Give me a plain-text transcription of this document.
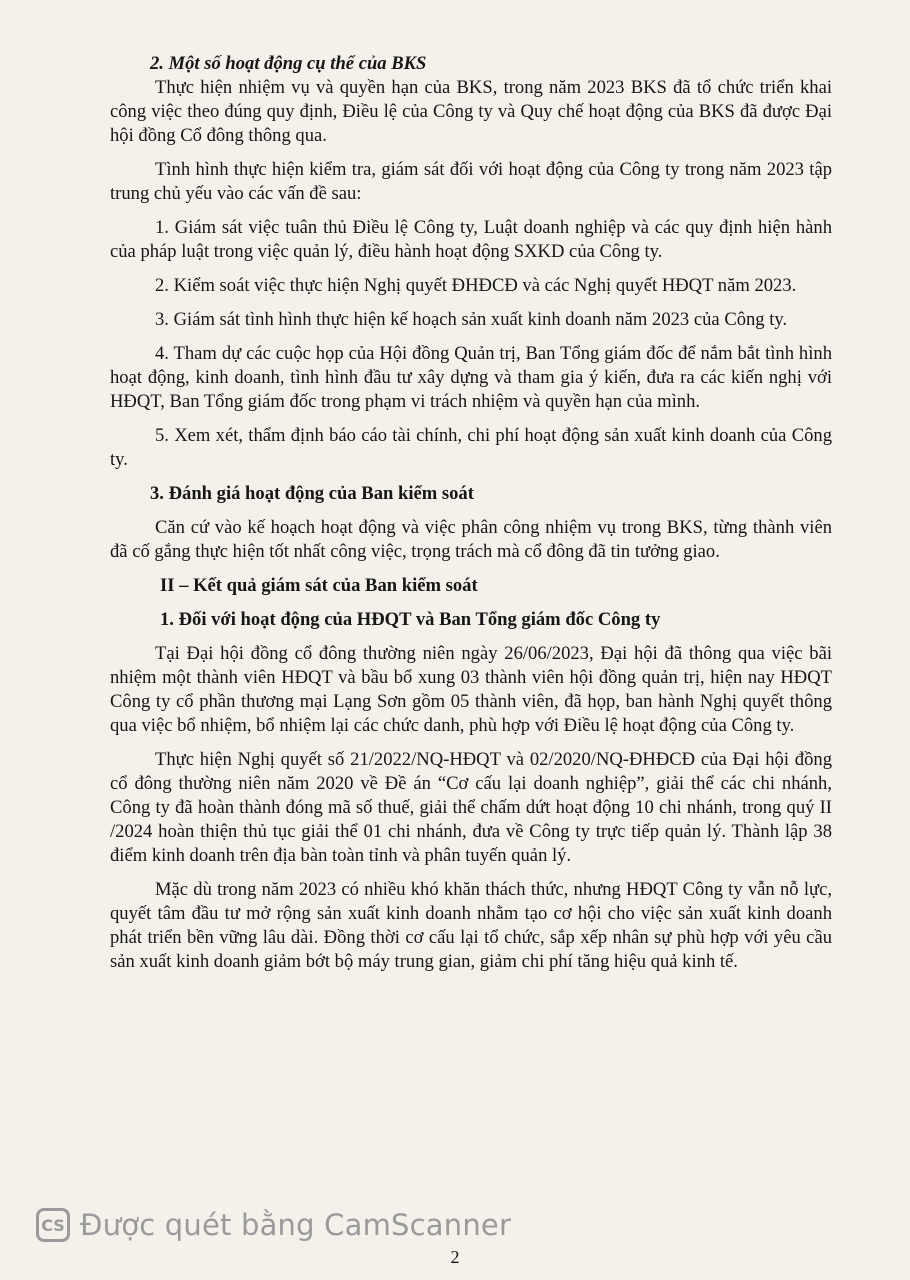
2. Một số hoạt động cụ thể của BKS

Thực hiện nhiệm vụ và quyền hạn của BKS, trong năm 2023 BKS đã tổ chức triển khai công việc theo đúng quy định, Điều lệ của Công ty và Quy chế hoạt động của BKS đã được Đại hội đồng Cổ đông thông qua.

Tình hình thực hiện kiểm tra, giám sát đối với hoạt động của Công ty trong năm 2023 tập trung chủ yếu vào các vấn đề sau:

1. Giám sát việc tuân thủ Điều lệ Công ty, Luật doanh nghiệp và các quy định hiện hành của pháp luật trong việc quản lý, điều hành hoạt động SXKD của Công ty.

2. Kiểm soát việc thực hiện Nghị quyết ĐHĐCĐ và các Nghị quyết HĐQT năm 2023.

3. Giám sát tình hình thực hiện kế hoạch sản xuất kinh doanh năm 2023 của Công ty.

4. Tham dự các cuộc họp của Hội đồng Quản trị, Ban Tổng giám đốc để nắm bắt tình hình hoạt động, kinh doanh, tình hình đầu tư xây dựng và tham gia ý kiến, đưa ra các kiến nghị với HĐQT, Ban Tổng giám đốc trong phạm vi trách nhiệm và quyền hạn của mình.

5. Xem xét, thẩm định báo cáo tài chính, chi phí hoạt động sản xuất kinh doanh của Công ty.

3. Đánh giá hoạt động của Ban kiểm soát

Căn cứ vào kế hoạch hoạt động và việc phân công nhiệm vụ trong BKS, từng thành viên đã cố gắng thực hiện tốt nhất công việc, trọng trách mà cổ đông đã tin tưởng giao.

II – Kết quả giám sát của Ban kiểm soát

1. Đối với hoạt động của HĐQT và Ban Tổng giám đốc Công ty

Tại Đại hội đồng cổ đông thường niên ngày 26/06/2023, Đại hội đã thông qua việc bãi nhiệm một thành viên HĐQT và bầu bổ xung 03 thành viên hội đồng quản trị, hiện nay HĐQT Công ty cổ phần thương mại Lạng Sơn gồm 05 thành viên, đã họp, ban hành Nghị quyết thông qua việc bổ nhiệm, bổ nhiệm lại các chức danh, phù hợp với Điều lệ hoạt động của Công ty.

Thực hiện Nghị quyết số 21/2022/NQ-HĐQT và 02/2020/NQ-ĐHĐCĐ của Đại hội đồng cổ đông thường niên năm 2020 về Đề án “Cơ cấu lại doanh nghiệp”, giải thể các chi nhánh, Công ty đã hoàn thành đóng mã số thuế, giải thể chấm dứt hoạt động 10 chi nhánh, trong quý II /2024 hoàn thiện thủ tục giải thể 01 chi nhánh, đưa về Công ty trực tiếp quản lý. Thành lập 38 điểm kinh doanh trên địa bàn toàn tỉnh và phân tuyến quản lý.

Mặc dù trong năm 2023 có nhiều khó khăn thách thức, nhưng HĐQT Công ty vẫn nỗ lực, quyết tâm đầu tư mở rộng sản xuất kinh doanh nhằm tạo cơ hội cho việc sản xuất kinh doanh phát triển bền vững lâu dài. Đồng thời cơ cấu lại tổ chức, sắp xếp nhân sự phù hợp với yêu cầu sản xuất kinh doanh giảm bớt bộ máy trung gian, giảm chi phí tăng hiệu quả kinh tế.

CS Được quét bằng CamScanner
2
